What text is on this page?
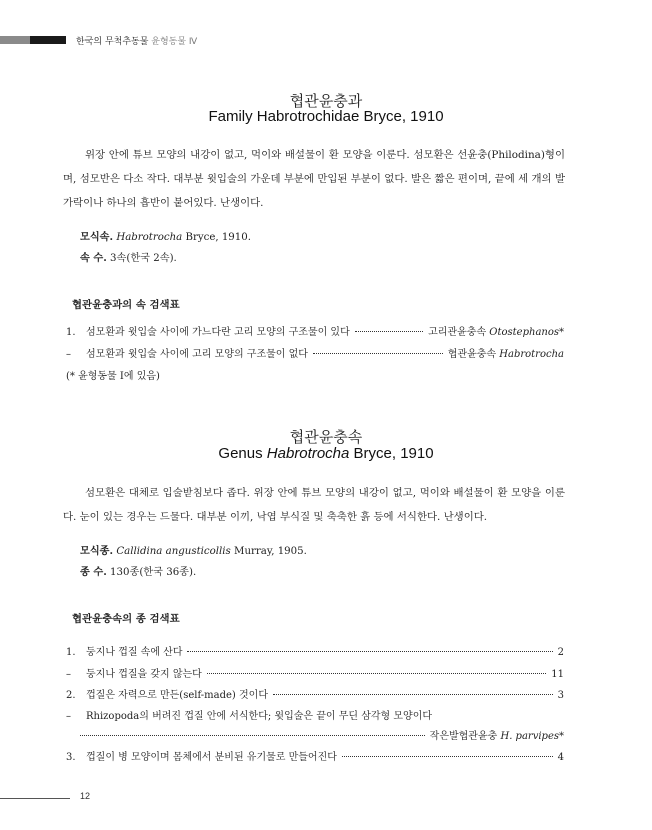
한국의 무척추동물 윤형동물 Ⅳ
협관윤충과
Family Habrotrochidae Bryce, 1910
위장 안에 튜브 모양의 내강이 없고, 먹이와 배설물이 환 모양을 이룬다. 섬모환은 선윤충(Philodina)형이며, 섬모반은 다소 작다. 대부분 윗입술의 가운데 부분에 만입된 부분이 없다. 발은 짧은 편이며, 끝에 세 개의 발가락이나 하나의 흡반이 붙어있다. 난생이다.
모식속. Habrotrocha Bryce, 1910.
속 수. 3속(한국 2속).
협관윤충과의 속 검색표
1.	섬모환과 윗입술 사이에 가느다란 고리 모양의 구조물이 있다	고리관윤충속 Otostephanos*
–	섬모환과 윗입술 사이에 고리 모양의 구조물이 없다	협관윤충속 Habrotrocha
(* 윤형동물 I에 있음)
협관윤충속
Genus Habrotrocha Bryce, 1910
섬모환은 대체로 입술받침보다 좁다. 위장 안에 튜브 모양의 내강이 없고, 먹이와 배설물이 환 모양을 이룬다. 눈이 있는 경우는 드물다. 대부분 이끼, 낙엽 부식질 및 축축한 흙 등에 서식한다. 난생이다.
모식종. Callidina angusticollis Murray, 1905.
종 수. 130종(한국 36종).
협관윤충속의 종 검색표
1.	둥지나 껍질 속에 산다	2
–	둥지나 껍질을 갖지 않는다	11
2.	껍질은 자력으로 만든(self-made) 것이다	3
–	Rhizopoda의 버려진 껍질 안에 서식한다; 윗입술은 끝이 무딘 삼각형 모양이다
작은발협관윤충 H. parvipes*
3.	껍질이 병 모양이며 몸체에서 분비된 유기물로 만들어진다	4
12
